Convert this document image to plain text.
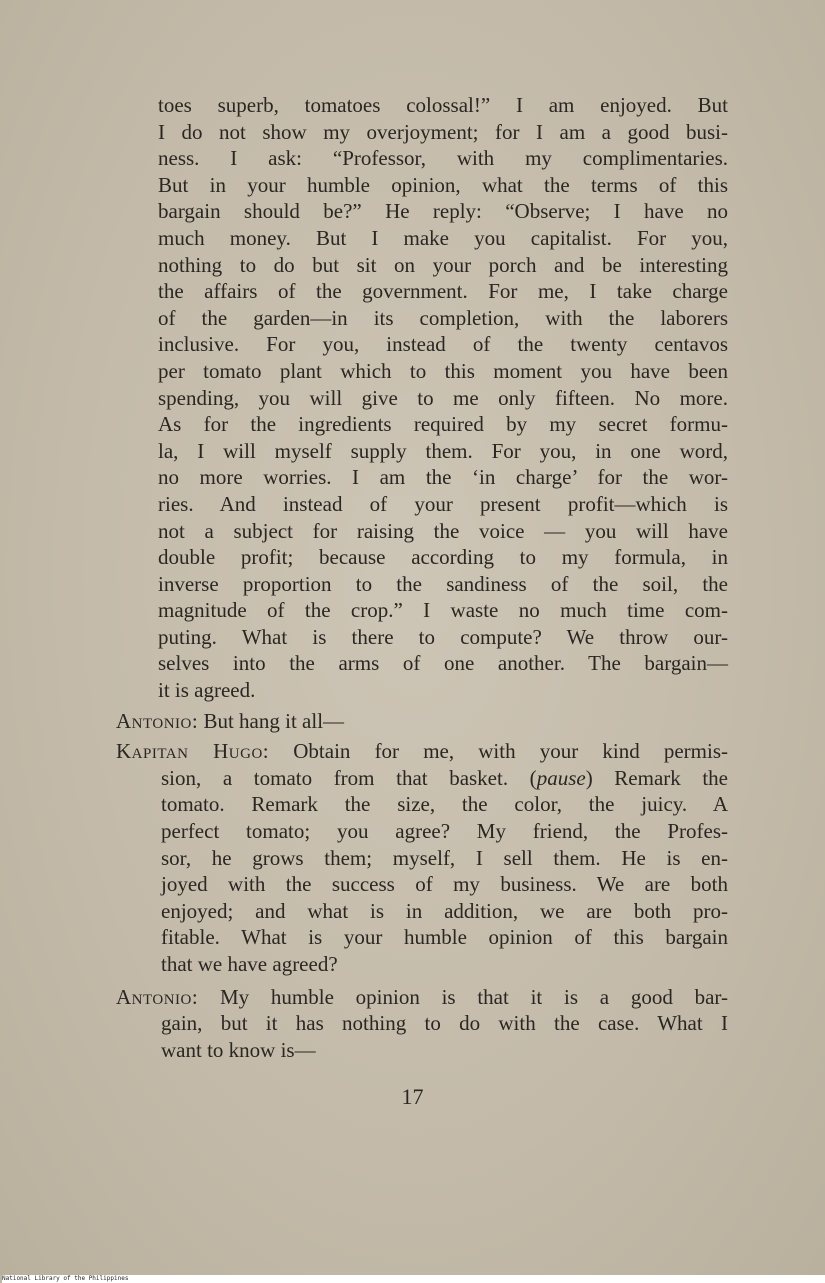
toes superb, tomatoes colossal!” I am enjoyed. But
I do not show my overjoyment; for I am a good busi-
ness. I ask: “Professor, with my complimentaries.
But in your humble opinion, what the terms of this
bargain should be?” He reply: “Observe; I have no
much money. But I make you capitalist. For you,
nothing to do but sit on your porch and be interesting
the affairs of the government. For me, I take charge
of the garden—in its completion, with the laborers
inclusive. For you, instead of the twenty centavos
per tomato plant which to this moment you have been
spending, you will give to me only fifteen. No more.
As for the ingredients required by my secret formu-
la, I will myself supply them. For you, in one word,
no more worries. I am the ‘in charge’ for the wor-
ries. And instead of your present profit—which is
not a subject for raising the voice — you will have
double profit; because according to my formula, in
inverse proportion to the sandiness of the soil, the
magnitude of the crop.” I waste no much time com-
puting. What is there to compute? We throw our-
selves into the arms of one another. The bargain—
it is agreed.
Antonio: But hang it all—
Kapitan Hugo: Obtain for me, with your kind permis-
sion, a tomato from that basket. (pause) Remark the
tomato. Remark the size, the color, the juicy. A
perfect tomato; you agree? My friend, the Profes-
sor, he grows them; myself, I sell them. He is en-
joyed with the success of my business. We are both
enjoyed; and what is in addition, we are both pro-
fitable. What is your humble opinion of this bargain
that we have agreed?
Antonio: My humble opinion is that it is a good bar-
gain, but it has nothing to do with the case. What I
want to know is—
17
National Library of the Philippines
